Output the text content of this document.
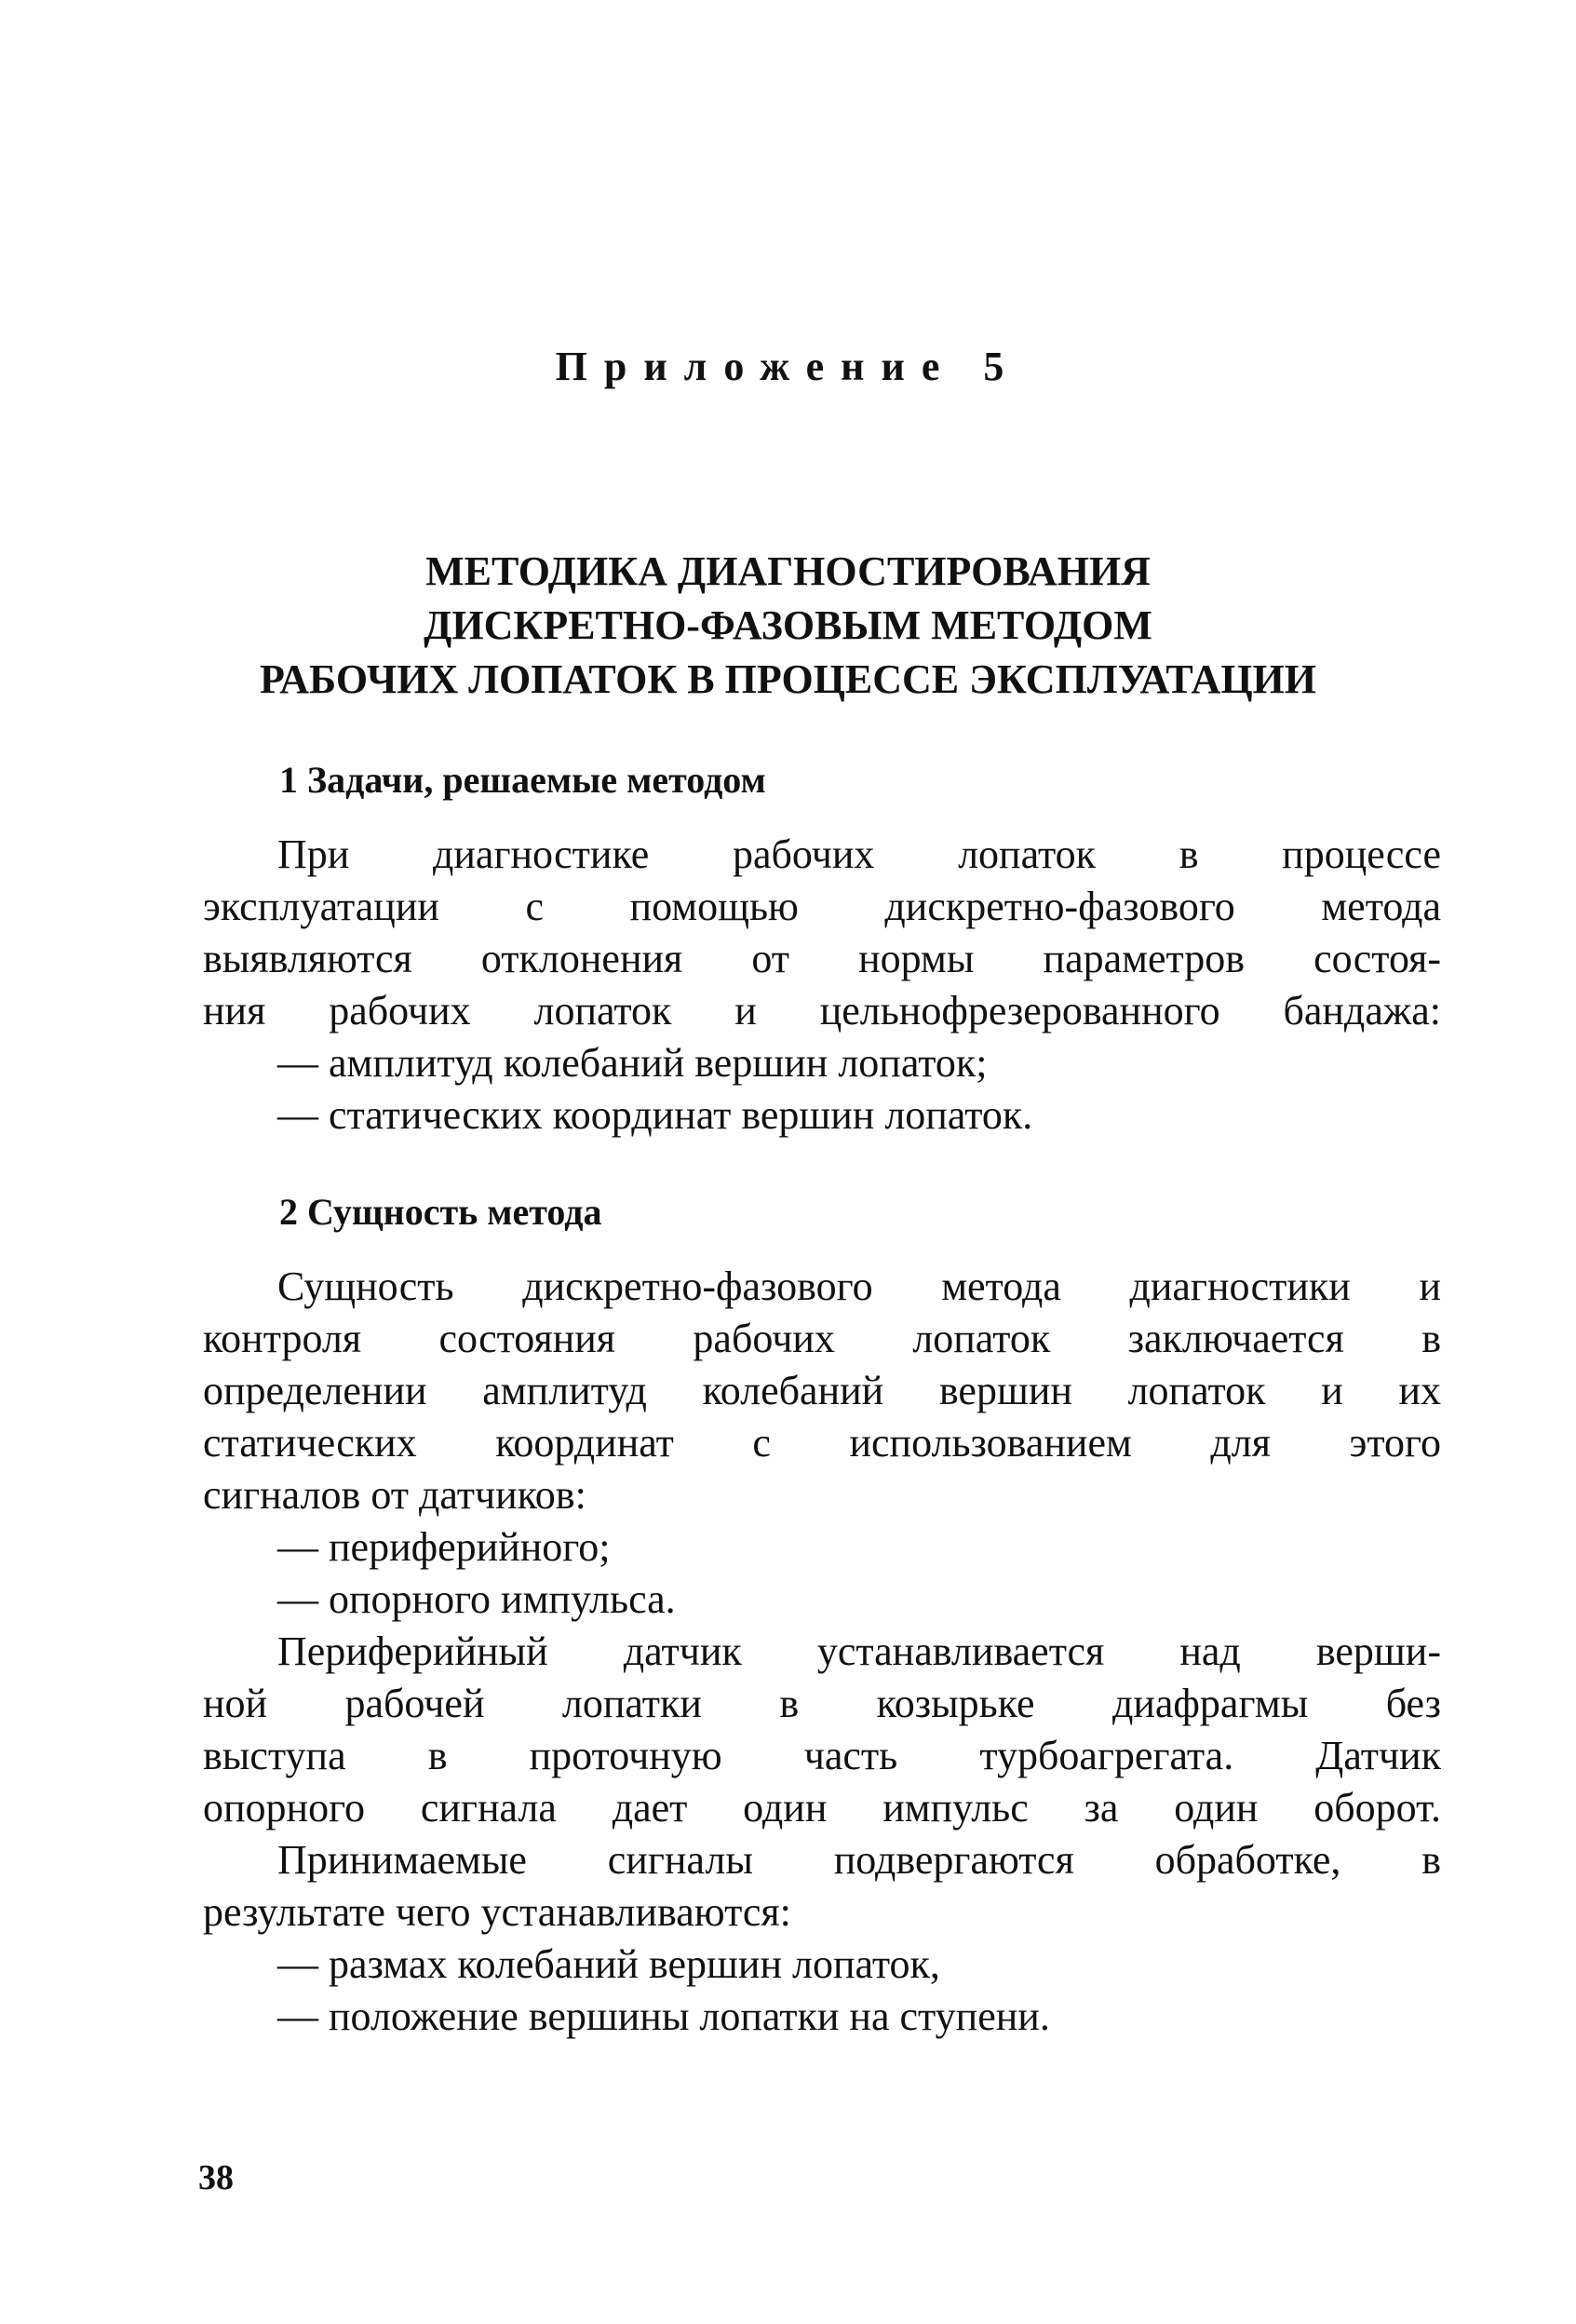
Приложение 5
МЕТОДИКА ДИАГНОСТИРОВАНИЯ
ДИСКРЕТНО-ФАЗОВЫМ МЕТОДОМ
РАБОЧИХ ЛОПАТОК В ПРОЦЕССЕ ЭКСПЛУАТАЦИИ
1 Задачи, решаемые методом
При диагностике рабочих лопаток в процессе
эксплуатации с помощью дискретно-фазового метода
выявляются отклонения от нормы параметров состоя-
ния рабочих лопаток и цельнофрезерованного бандажа:
— амплитуд колебаний вершин лопаток;
— статических координат вершин лопаток.
2 Сущность метода
Сущность дискретно-фазового метода диагностики и
контроля состояния рабочих лопаток заключается в
определении амплитуд колебаний вершин лопаток и их
статических координат с использованием для этого
сигналов от датчиков:
— периферийного;
— опорного импульса.
Периферийный датчик устанавливается над верши-
ной рабочей лопатки в козырьке диафрагмы без
выступа в проточную часть турбоагрегата. Датчик
опорного сигнала дает один импульс за один оборот.
Принимаемые сигналы подвергаются обработке, в
результате чего устанавливаются:
— размах колебаний вершин лопаток,
— положение вершины лопатки на ступени.
38
